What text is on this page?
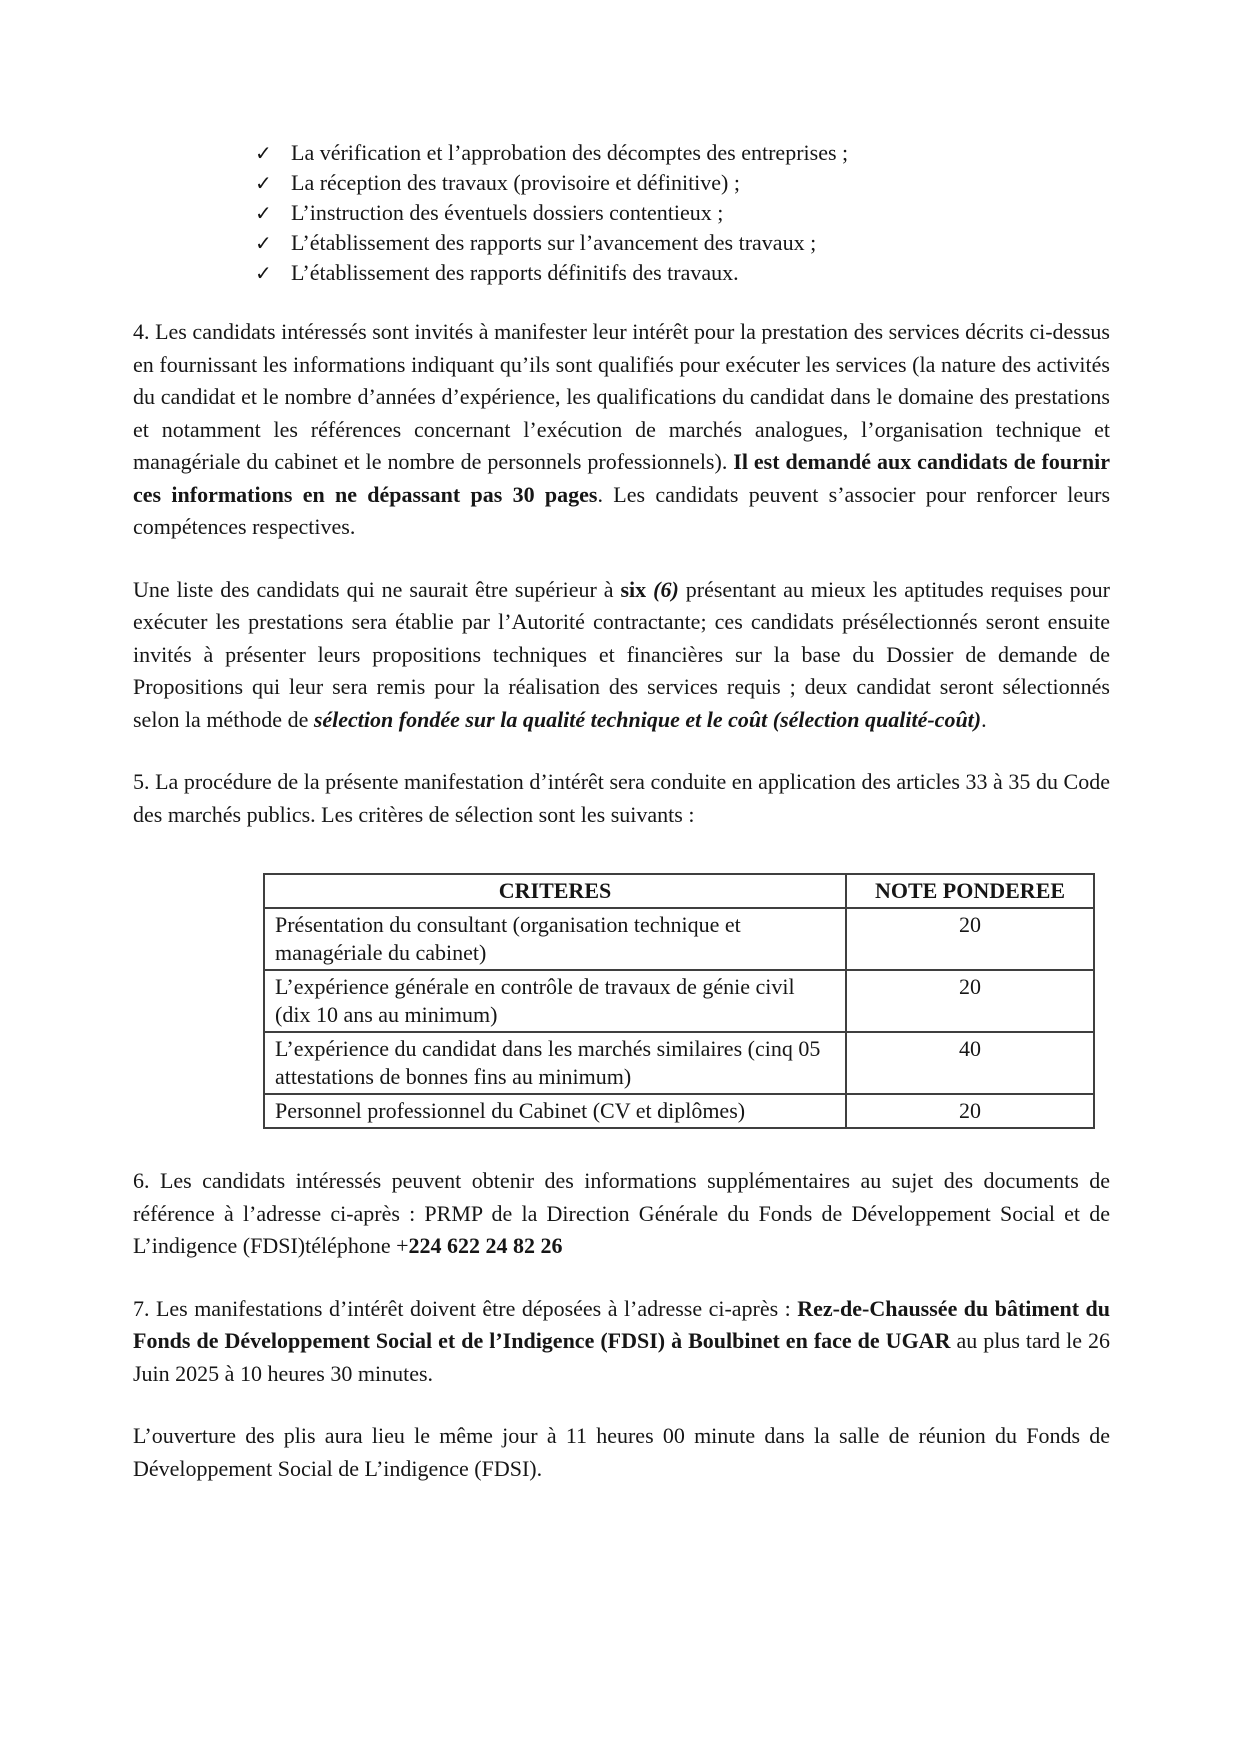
✓ La vérification et l’approbation des décomptes des entreprises ;
✓ La réception des travaux (provisoire et définitive) ;
✓ L’instruction des éventuels dossiers contentieux ;
✓ L’établissement des rapports sur l’avancement des travaux ;
✓ L’établissement des rapports définitifs des travaux.

4. Les candidats intéressés sont invités à manifester leur intérêt pour la prestation des services décrits ci-dessus en fournissant les informations indiquant qu’ils sont qualifiés pour exécuter les services (la nature des activités du candidat et le nombre d’années d’expérience, les qualifications du candidat dans le domaine des prestations et notamment les références concernant l’exécution de marchés analogues, l’organisation technique et managériale du cabinet et le nombre de personnels professionnels). Il est demandé aux candidats de fournir ces informations en ne dépassant pas 30 pages. Les candidats peuvent s’associer pour renforcer leurs compétences respectives.

Une liste des candidats qui ne saurait être supérieur à six (6) présentant au mieux les aptitudes requises pour exécuter les prestations sera établie par l’Autorité contractante; ces candidats présélectionnés seront ensuite invités à présenter leurs propositions techniques et financières sur la base du Dossier de demande de Propositions qui leur sera remis pour la réalisation des services requis ; deux candidat seront sélectionnés selon la méthode de sélection fondée sur la qualité technique et le coût (sélection qualité-coût).

5. La procédure de la présente manifestation d’intérêt sera conduite en application des articles 33 à 35 du Code des marchés publics. Les critères de sélection sont les suivants :

CRITERES	NOTE PONDEREE
Présentation du consultant (organisation technique et managériale du cabinet)	20
L’expérience générale en contrôle de travaux de génie civil (dix 10 ans au minimum)	20
L’expérience du candidat dans les marchés similaires (cinq 05 attestations de bonnes fins au minimum)	40
Personnel professionnel du Cabinet (CV et diplômes)	20

6. Les candidats intéressés peuvent obtenir des informations supplémentaires au sujet des documents de référence à l’adresse ci-après : PRMP de la Direction Générale du Fonds de Développement Social et de L’indigence (FDSI)téléphone +224 622 24 82 26

7. Les manifestations d’intérêt doivent être déposées à l’adresse ci-après : Rez-de-Chaussée du bâtiment du Fonds de Développement Social et de l’Indigence (FDSI) à Boulbinet en face de UGAR au plus tard le 26 Juin 2025 à 10 heures 30 minutes.

L’ouverture des plis aura lieu le même jour à 11 heures 00 minute dans la salle de réunion du Fonds de Développement Social de L’indigence (FDSI).
